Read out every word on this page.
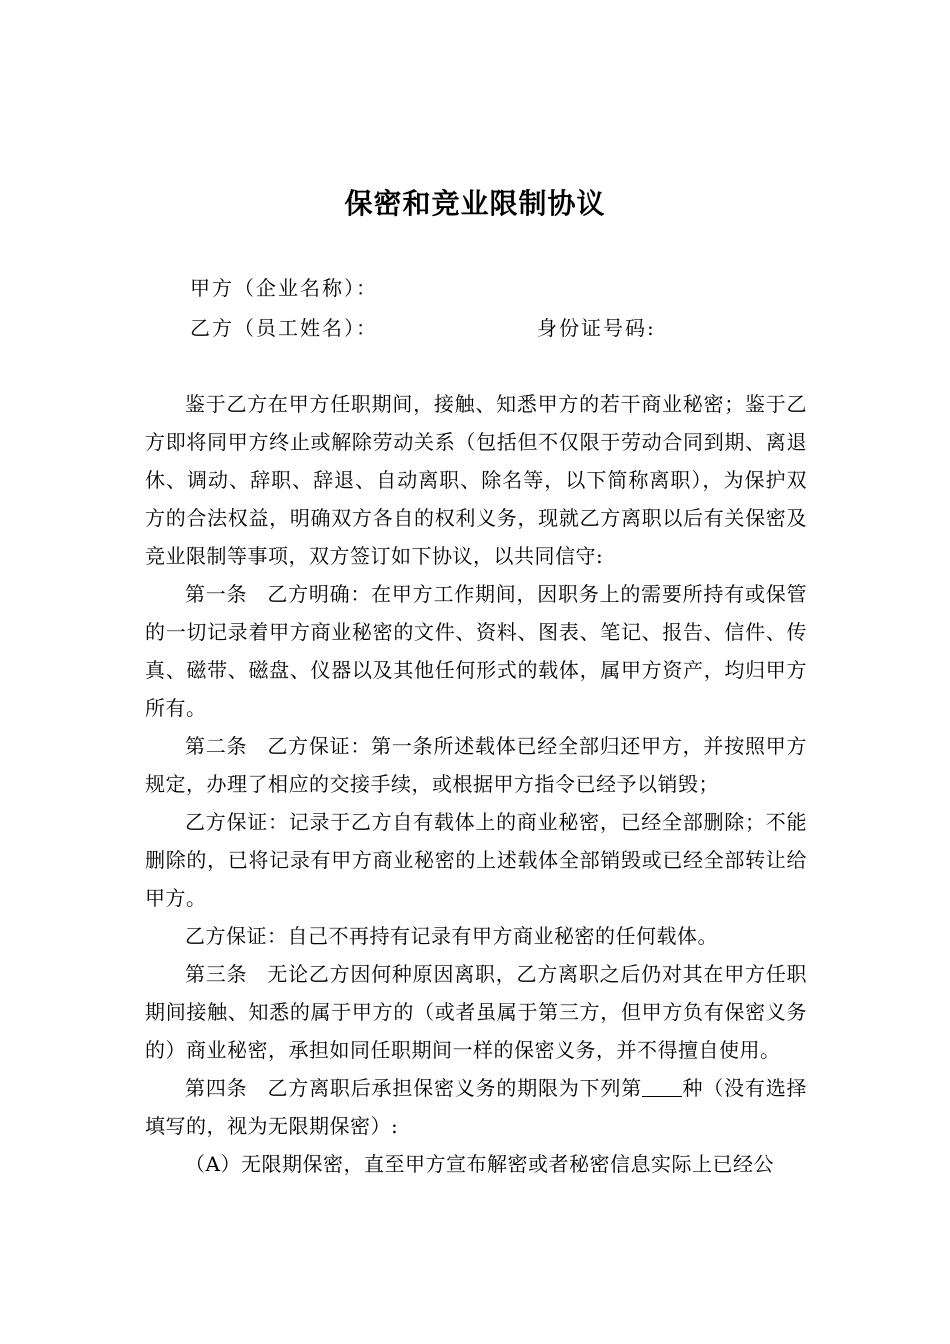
保密和竞业限制协议
甲方（企业名称）：
乙方（员工姓名）：	身份证号码:

鉴于乙方在甲方任职期间，接触、知悉甲方的若干商业秘密；鉴于乙方即将同甲方终止或解除劳动关系（包括但不仅限于劳动合同到期、离退休、调动、辞职、辞退、自动离职、除名等，以下简称离职），为保护双方的合法权益，明确双方各自的权利义务，现就乙方离职以后有关保密及竞业限制等事项，双方签订如下协议，以共同信守:

第一条 乙方明确：在甲方工作期间，因职务上的需要所持有或保管的一切记录着甲方商业秘密的文件、资料、图表、笔记、报告、信件、传真、磁带、磁盘、仪器以及其他任何形式的载体，属甲方资产，均归甲方所有。

第二条 乙方保证：第一条所述载体已经全部归还甲方，并按照甲方规定，办理了相应的交接手续，或根据甲方指令已经予以销毁；

乙方保证：记录于乙方自有载体上的商业秘密，已经全部删除；不能删除的，已将记录有甲方商业秘密的上述载体全部销毁或已经全部转让给甲方。

乙方保证：自己不再持有记录有甲方商业秘密的任何载体。

第三条 无论乙方因何种原因离职，乙方离职之后仍对其在甲方任职期间接触、知悉的属于甲方的（或者虽属于第三方，但甲方负有保密义务的）商业秘密，承担如同任职期间一样的保密义务，并不得擅自使用。

第四条 乙方离职后承担保密义务的期限为下列第 种（没有选择填写的，视为无限期保密）:

（A）无限期保密，直至甲方宣布解密或者秘密信息实际上已经公
